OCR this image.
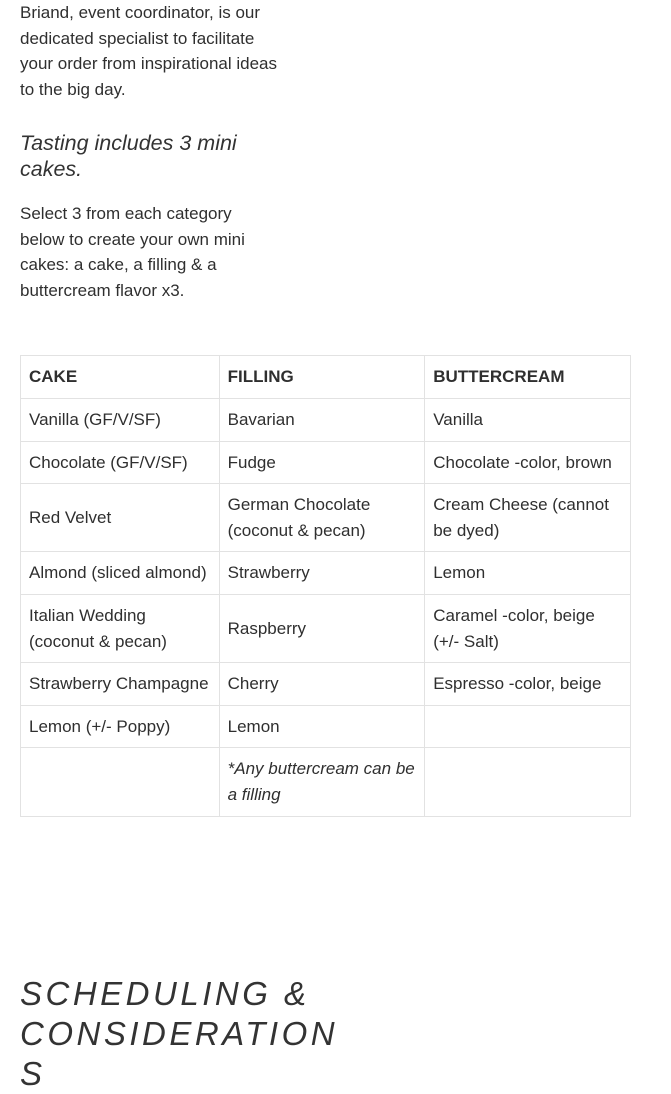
Briand, event coordinator, is our dedicated specialist to facilitate your order from inspirational ideas to the big day.

Tasting includes 3 mini cakes.

Select 3 from each category below to create your own mini cakes: a cake, a filling & a buttercream flavor x3.

CAKE	FILLING	BUTTERCREAM
Vanilla (GF/V/SF)	Bavarian	Vanilla
Chocolate (GF/V/SF)	Fudge	Chocolate -color, brown
Red Velvet	German Chocolate (coconut & pecan)	Cream Cheese (cannot be dyed)
Almond (sliced almond)	Strawberry	Lemon
Italian Wedding (coconut & pecan)	Raspberry	Caramel -color, beige (+/- Salt)
Strawberry Champagne	Cherry	Espresso -color, beige
Lemon (+/- Poppy)	Lemon	
	*Any buttercream can be a filling	
SCHEDULING & CONSIDERATIONS
